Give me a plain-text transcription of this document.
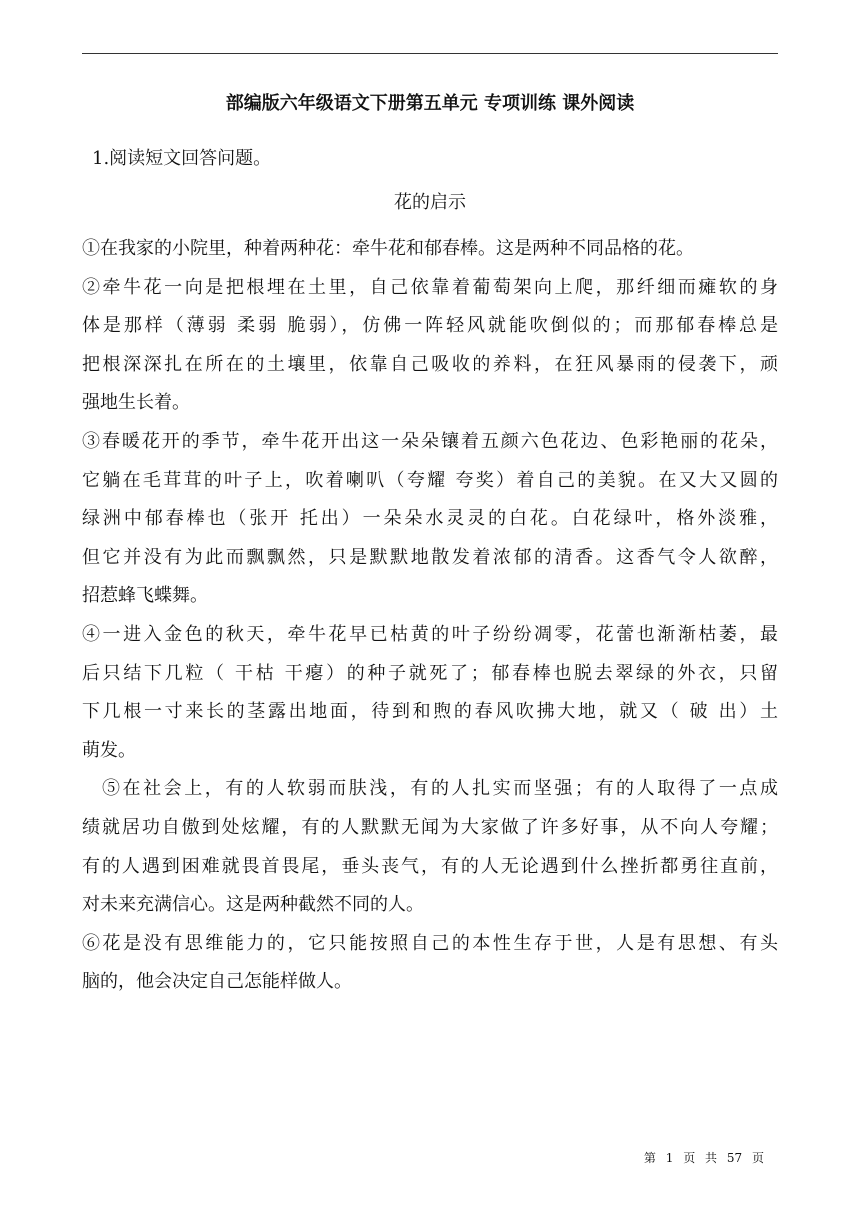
部编版六年级语文下册第五单元 专项训练 课外阅读
1.阅读短文回答问题。
花的启示

①在我家的小院里，种着两种花：牵牛花和郁春棒。这是两种不同品格的花。

②牵牛花一向是把根埋在土里，自己依靠着葡萄架向上爬，那纤细而瘫软的身
体是那样（薄弱 柔弱 脆弱），仿佛一阵轻风就能吹倒似的；而那郁春棒总是
把根深深扎在所在的土壤里，依靠自己吸收的养料，在狂风暴雨的侵袭下，顽
强地生长着。

③春暖花开的季节，牵牛花开出这一朵朵镶着五颜六色花边、色彩艳丽的花朵，
它躺在毛茸茸的叶子上，吹着喇叭（夸耀 夸奖）着自己的美貌。在又大又圆的
绿洲中郁春棒也（张开 托出）一朵朵水灵灵的白花。白花绿叶，格外淡雅，
但它并没有为此而飘飘然，只是默默地散发着浓郁的清香。这香气令人欲醉，
招惹蜂飞蝶舞。

④一进入金色的秋天，牵牛花早已枯黄的叶子纷纷凋零，花蕾也渐渐枯萎，最
后只结下几粒（ 干枯 干瘪）的种子就死了；郁春棒也脱去翠绿的外衣，只留
下几根一寸来长的茎露出地面，待到和煦的春风吹拂大地，就又（ 破 出）土
萌发。

⑤在社会上，有的人软弱而肤浅，有的人扎实而坚强；有的人取得了一点成
绩就居功自傲到处炫耀，有的人默默无闻为大家做了许多好事，从不向人夸耀；
有的人遇到困难就畏首畏尾，垂头丧气，有的人无论遇到什么挫折都勇往直前，
对未来充满信心。这是两种截然不同的人。

⑥花是没有思维能力的，它只能按照自己的本性生存于世，人是有思想、有头
脑的，他会决定自己怎能样做人。

第 1 页 共 57 页
